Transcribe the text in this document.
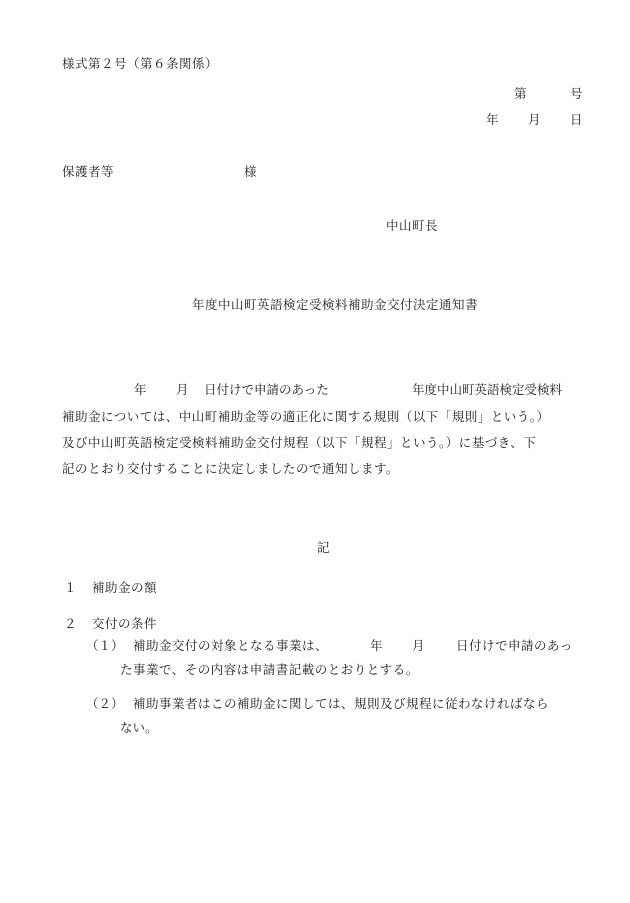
様式第２号（第６条関係）
第	号
年 月 日
保護者等	様
中山町長
年度中山町英語検定受検料補助金交付決定通知書
年 月 日付けで申請のあった	年度中山町英語検定受検料
補助金については、中山町補助金等の適正化に関する規則（以下「規則」という。）
及び中山町英語検定受検料補助金交付規程（以下「規程」という。）に基づき、下
記のとおり交付することに決定しましたので通知します。
記
１ 補助金の額
２ 交付の条件
（１） 補助金交付の対象となる事業は、	年 月	日付けで申請のあっ
た事業で、その内容は申請書記載のとおりとする。
（２） 補助事業者はこの補助金に関しては、規則及び規程に従わなければなら
ない。
